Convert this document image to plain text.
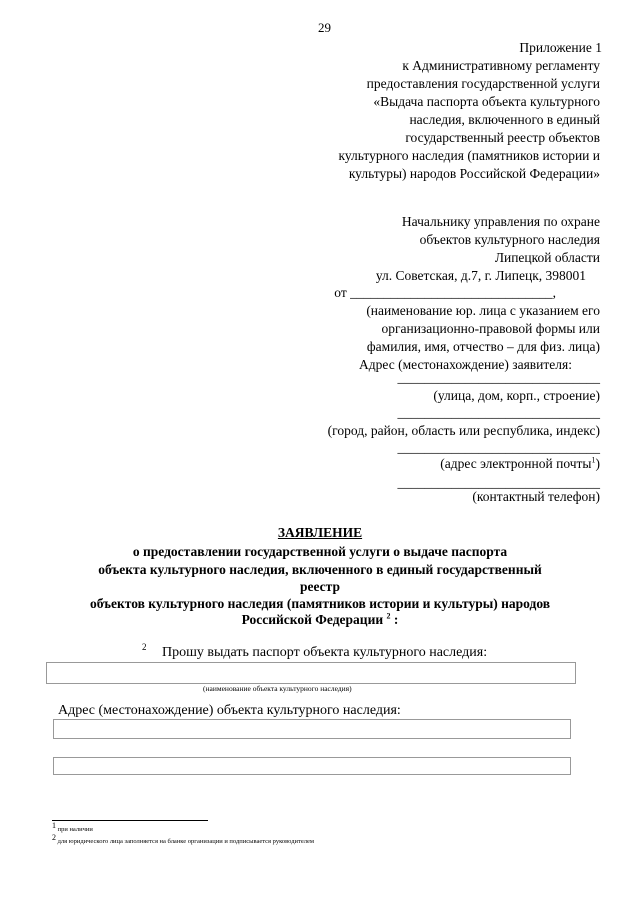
29
Приложение 1
к Административному регламенту
предоставления государственной услуги
«Выдача паспорта объекта культурного
наследия, включенного в единый
государственный реестр объектов
культурного наследия (памятников истории и
культуры) народов Российской Федерации»
Начальнику управления по охране
объектов культурного наследия
Липецкой области
ул. Советская, д.7, г. Липецк, 398001
от ______________________________,
(наименование юр. лица с указанием его
организационно-правовой формы или
фамилия, имя, отчество – для физ. лица)
Адрес (местонахождение) заявителя:
______________________________
(улица, дом, корп., строение)
______________________________
(город, район, область или республика, индекс)
______________________________
(адрес электронной почты$^1$)
______________________________
(контактный телефон)
ЗАЯВЛЕНИЕ
о предоставлении государственной услуги о выдаче паспорта
объекта культурного наследия, включенного в единый государственный
реестр
объектов культурного наследия (памятников истории и культуры) народов
Российской Федерации $^2$ :
2 Прошу выдать паспорт объекта культурного наследия:
(наименование объекта культурного наследия)
Адрес (местонахождение) объекта культурного наследия:
$^1$ при наличии
$^2$ для юридического лица заполняется на бланке организации и подписывается руководителем
